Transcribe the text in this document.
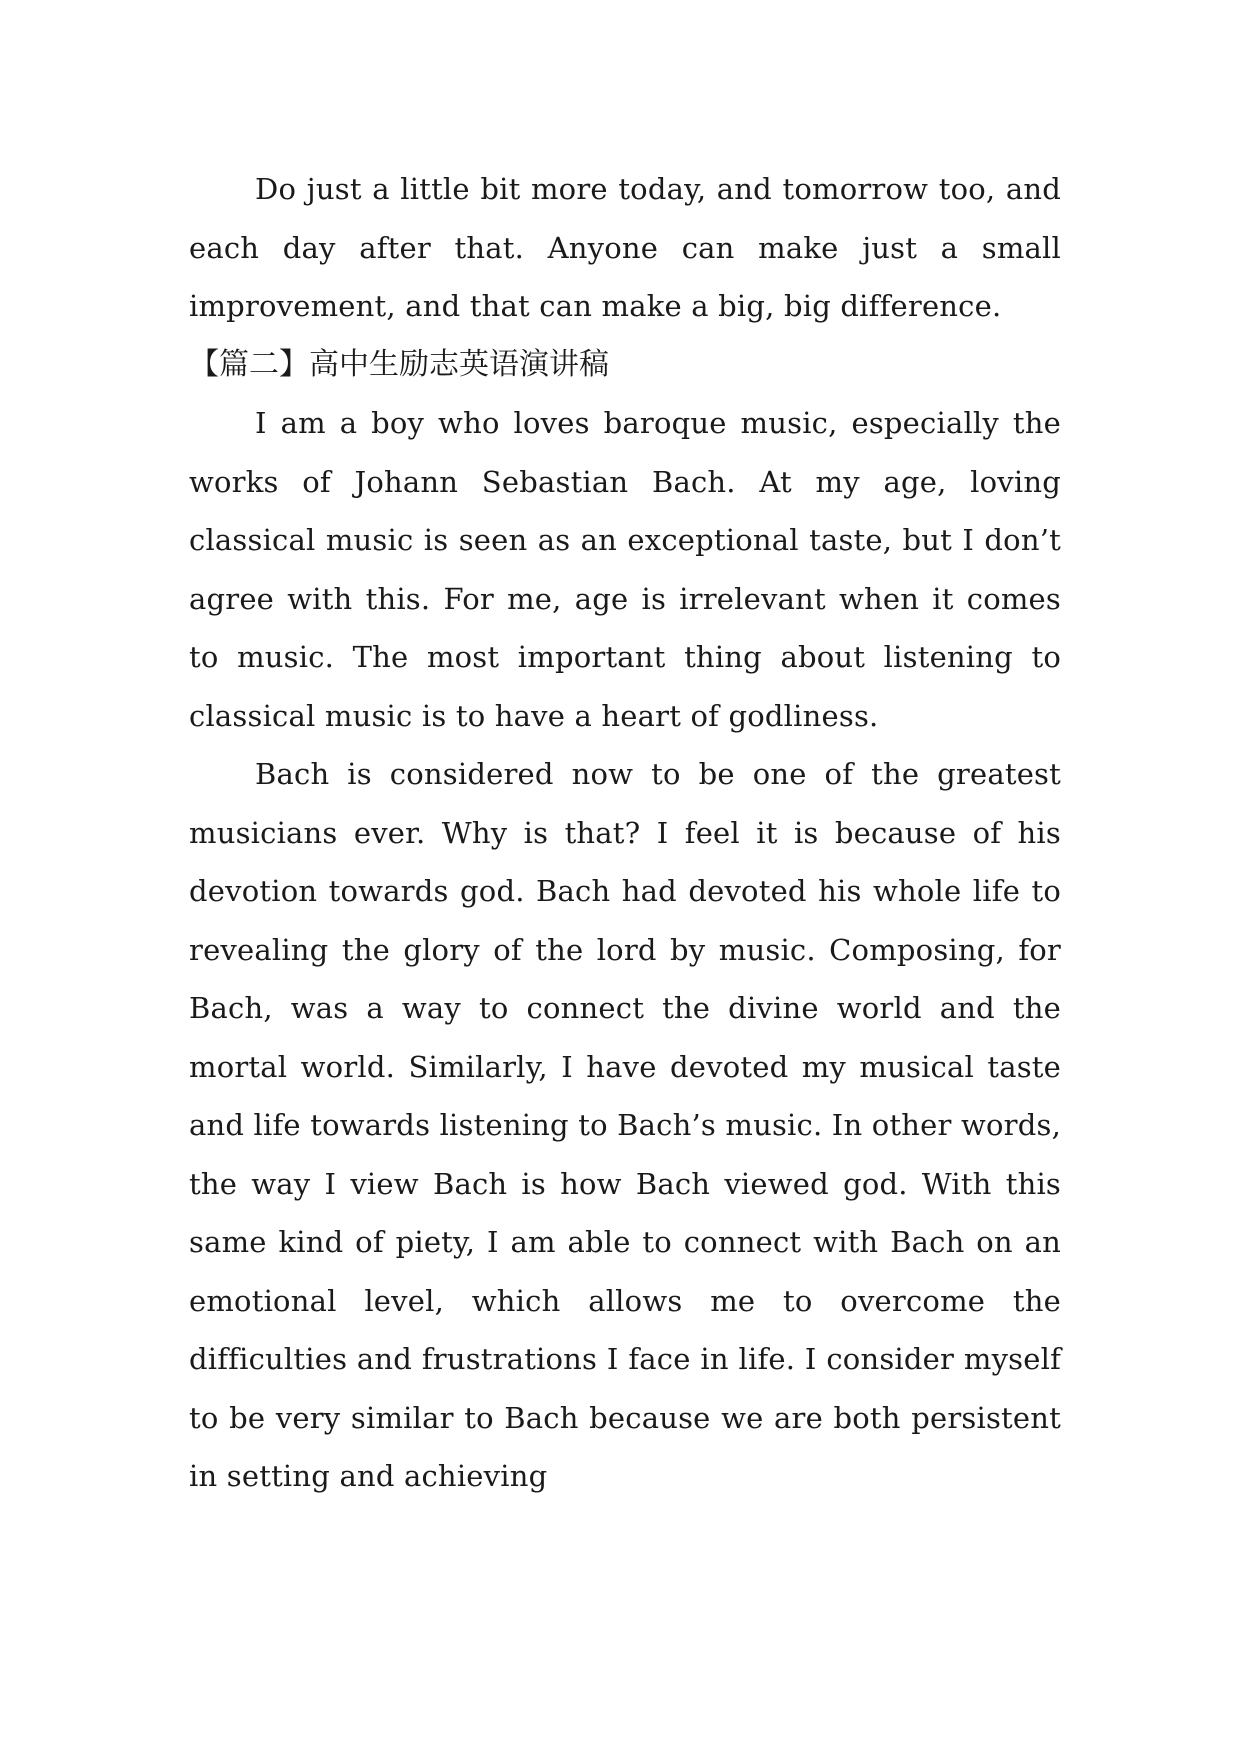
Do just a little bit more today, and tomorrow too, and each day after that. Anyone can make just a small improvement, and that can make a big, big difference.

【篇二】高中生励志英语演讲稿

I am a boy who loves baroque music, especially the works of Johann Sebastian Bach. At my age, loving classical music is seen as an exceptional taste, but I don’t agree with this. For me, age is irrelevant when it comes to music. The most important thing about listening to classical music is to have a heart of godliness.

Bach is considered now to be one of the greatest musicians ever. Why is that? I feel it is because of his devotion towards god. Bach had devoted his whole life to revealing the glory of the lord by music. Composing, for Bach, was a way to connect the divine world and the mortal world. Similarly, I have devoted my musical taste and life towards listening to Bach’s music. In other words, the way I view Bach is how Bach viewed god. With this same kind of piety, I am able to connect with Bach on an emotional level, which allows me to overcome the difficulties and frustrations I face in life. I consider myself to be very similar to Bach because we are both persistent in setting and achieving
